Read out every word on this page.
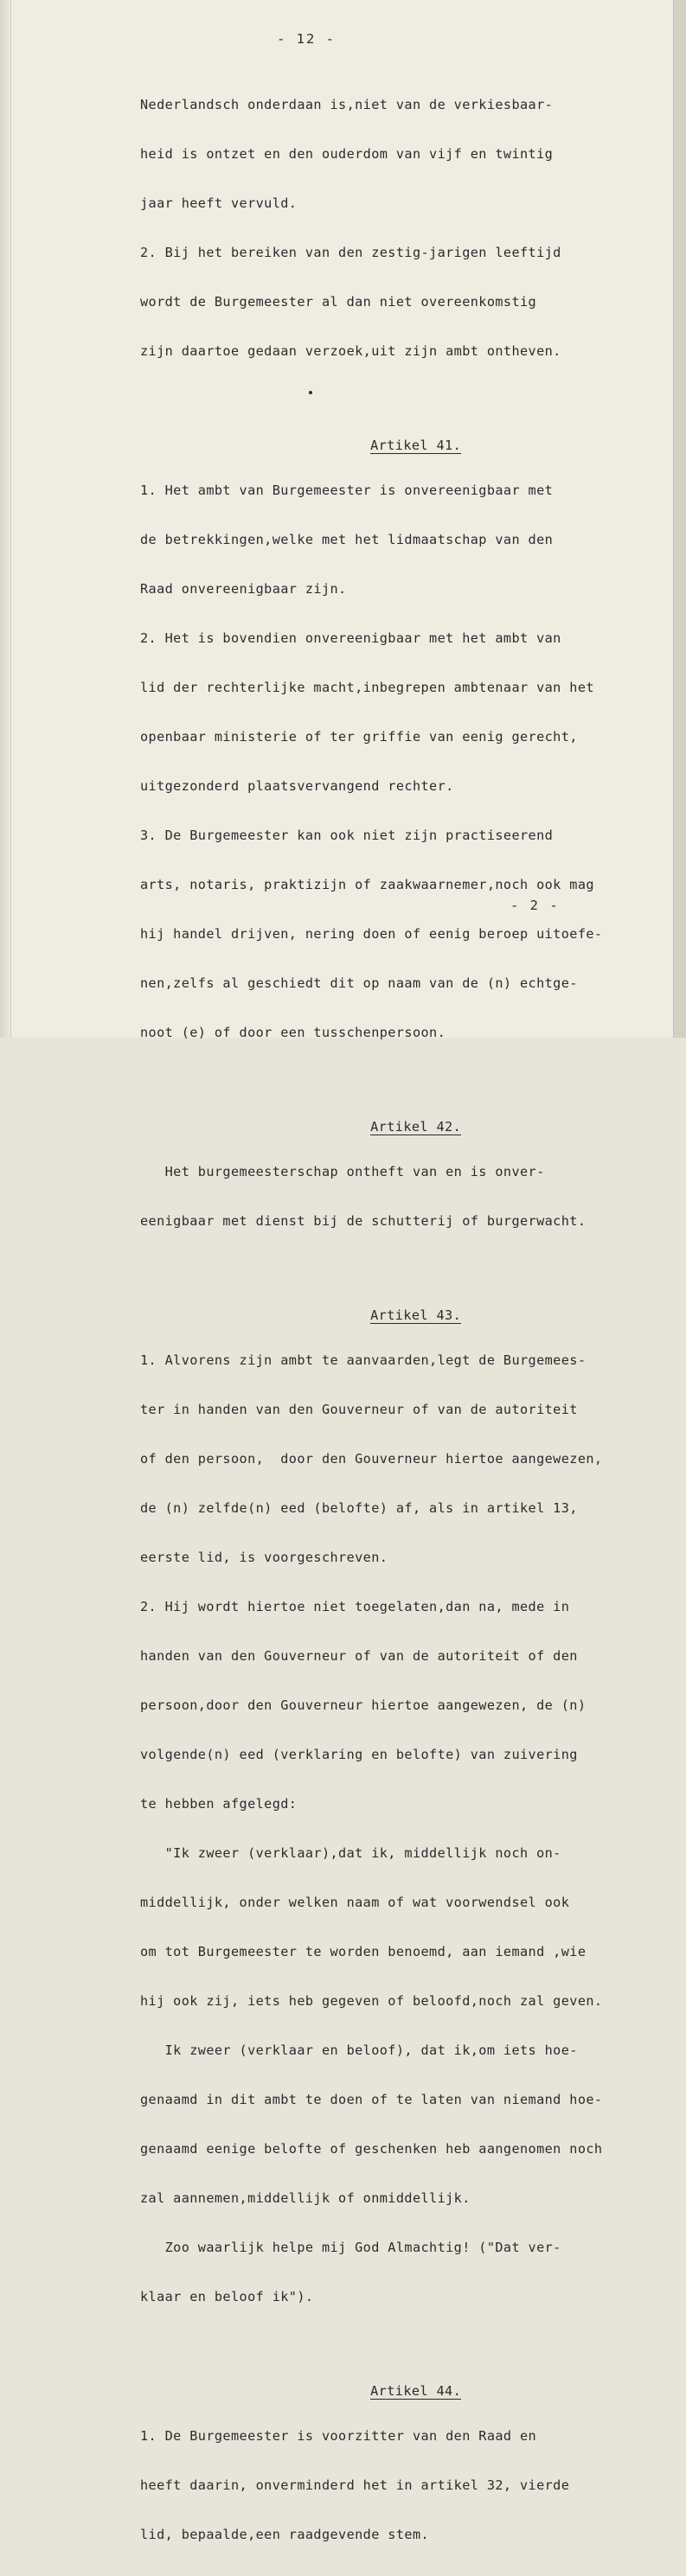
- 12 -

Nederlandsch onderdaan is,niet van de verkiesbaar-

heid is ontzet en den ouderdom van vijf en twintig

jaar heeft vervuld.

2. Bij het bereiken van den zestig-jarigen leeftijd

wordt de Burgemeester al dan niet overeenkomstig

zijn daartoe gedaan verzoek,uit zijn ambt ontheven.

Artikel 41.

1. Het ambt van Burgemeester is onvereenigbaar met

de betrekkingen,welke met het lidmaatschap van den

Raad onvereenigbaar zijn.

2. Het is bovendien onvereenigbaar met het ambt van

lid der rechterlijke macht,inbegrepen ambtenaar van het

openbaar ministerie of ter griffie van eenig gerecht,

uitgezonderd plaatsvervangend rechter.

3. De Burgemeester kan ook niet zijn practiseerend

arts, notaris, praktizijn of zaakwaarnemer,noch ook mag

hij handel drijven, nering doen of eenig beroep uitoefe-

nen,zelfs al geschiedt dit op naam van de (n) echtge-

noot (e) of door een tusschenpersoon.

Artikel 42.

Het burgemeesterschap ontheft van en is onver-

eenigbaar met dienst bij de schutterij of burgerwacht.

Artikel 43.

1. Alvorens zijn ambt te aanvaarden,legt de Burgemees-

ter in handen van den Gouverneur of van de autoriteit

of den persoon,  door den Gouverneur hiertoe aangewezen,

de (n) zelfde(n) eed (belofte) af, als in artikel 13,

eerste lid, is voorgeschreven.

2. Hij wordt hiertoe niet toegelaten,dan na, mede in

handen van den Gouverneur of van de autoriteit of den

persoon,door den Gouverneur hiertoe aangewezen, de (n)

volgende(n) eed (verklaring en belofte) van zuivering

te hebben afgelegd:

"Ik zweer (verklaar),dat ik, middellijk noch on-

middellijk, onder welken naam of wat voorwendsel ook

om tot Burgemeester te worden benoemd, aan iemand ,wie

hij ook zij, iets heb gegeven of beloofd,noch zal geven.

Ik zweer (verklaar en beloof), dat ik,om iets hoe-

genaamd in dit ambt te doen of te laten van niemand hoe-

genaamd eenige belofte of geschenken heb aangenomen noch

zal aannemen,middellijk of onmiddellijk.

Zoo waarlijk helpe mij God Almachtig! ("Dat ver-

klaar en beloof ik").

Artikel 44.

1. De Burgemeester is voorzitter van den Raad en

heeft daarin, onverminderd het in artikel 32, vierde

lid, bepaalde,een raadgevende stem.

- 2 -
